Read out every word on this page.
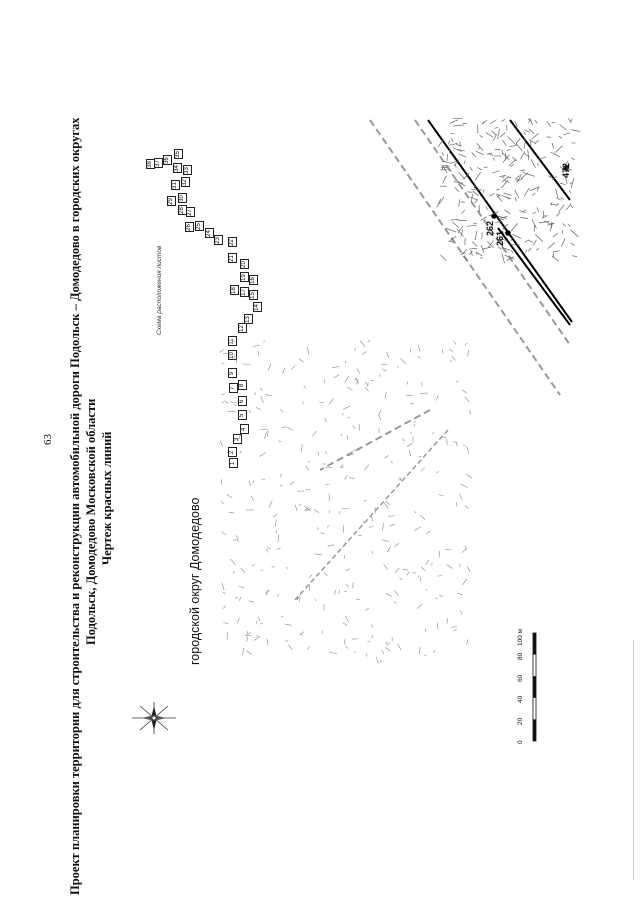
63 Проект планировки территории для строительства и реконструкции автомобильной дороги Подольск – Домодедово в городских округах Подольск, Домодедово Московской области Чертеж красных линий	городской округ Домодедово
0
20
40
60
80
100 м
Схема расположения листов
1
2
3
4
5
6
7
8
9
10
11
12
13
14
15
16
17
18
19
20
21
22
23
24
25
26
27
28
29 30
31 32
33
34
35
36
37
38
262
261
472
